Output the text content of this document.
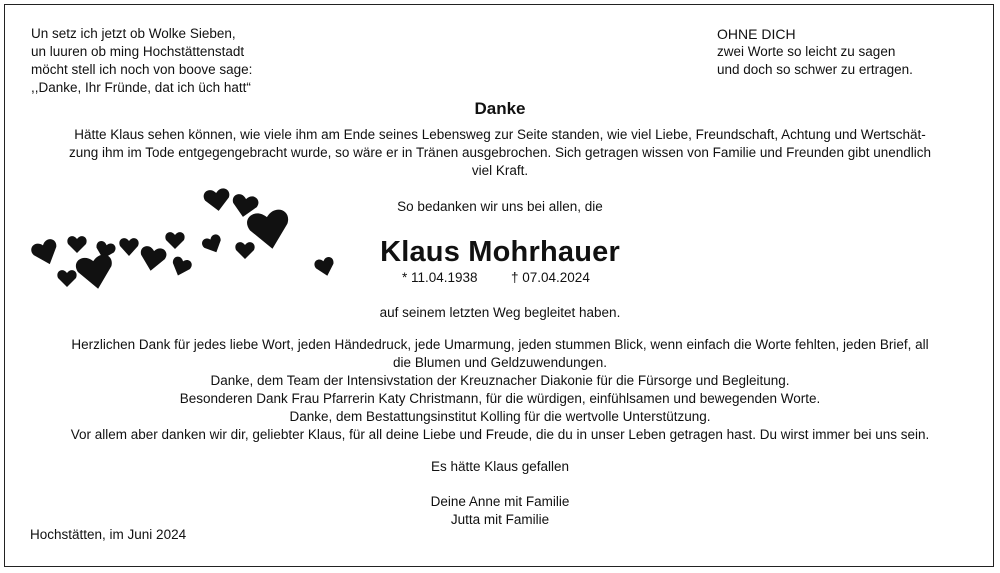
Un setz ich jetzt ob Wolke Sieben,
un luuren ob ming Hochstättenstadt
möcht stell ich noch von boove sage:
,,Danke, Ihr Fründe, dat ich üch hatt“
OHNE DICH
zwei Worte so leicht zu sagen
und doch so schwer zu ertragen.
Danke
Hätte Klaus sehen können, wie viele ihm am Ende seines Lebensweg zur Seite standen, wie viel Liebe, Freundschaft, Achtung und Wertschät-
zung ihm im Tode entgegengebracht wurde, so wäre er in Tränen ausgebrochen. Sich getragen wissen von Familie und Freunden gibt unendlich
viel Kraft.
So bedanken wir uns bei allen, die
Klaus Mohrhauer
* 11.04.1938 † 07.04.2024
auf seinem letzten Weg begleitet haben.
Herzlichen Dank für jedes liebe Wort, jeden Händedruck, jede Umarmung, jeden stummen Blick, wenn einfach die Worte fehlten, jeden Brief, all
die Blumen und Geldzuwendungen.
Danke, dem Team der Intensivstation der Kreuznacher Diakonie für die Fürsorge und Begleitung.
Besonderen Dank Frau Pfarrerin Katy Christmann, für die würdigen, einfühlsamen und bewegenden Worte.
Danke, dem Bestattungsinstitut Kolling für die wertvolle Unterstützung.
Vor allem aber danken wir dir, geliebter Klaus, für all deine Liebe und Freude, die du in unser Leben getragen hast. Du wirst immer bei uns sein.
Es hätte Klaus gefallen
Deine Anne mit Familie
Jutta mit Familie
Hochstätten, im Juni 2024
